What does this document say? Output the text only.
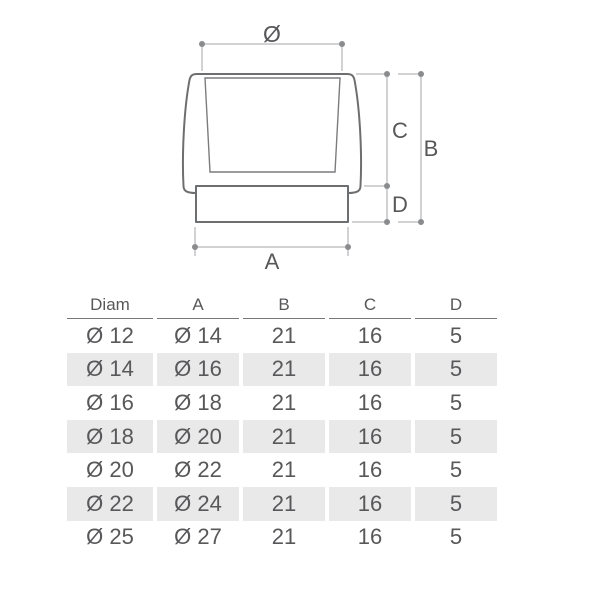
Ø
A
C
B
D
Diam	A	B	C	D
Ø 12	Ø 14	21	16	5
Ø 14	Ø 16	21	16	5
Ø 16	Ø 18	21	16	5
Ø 18	Ø 20	21	16	5
Ø 20	Ø 22	21	16	5
Ø 22	Ø 24	21	16	5
Ø 25	Ø 27	21	16	5
